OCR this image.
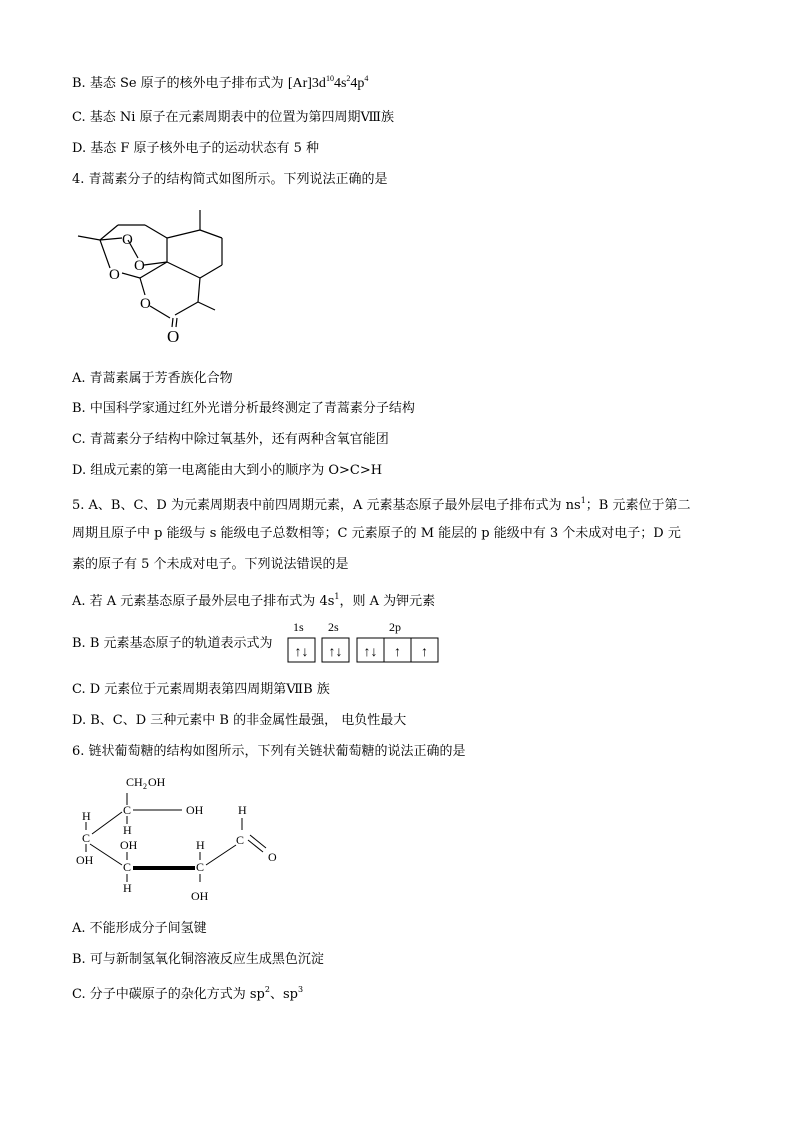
B. 基态 Se 原子的核外电子排布式为 $[Ar]3d^{10}4s^24p^4$
C. 基态 Ni 原子在元素周期表中的位置为第四周期Ⅷ族
D. 基态 F 原子核外电子的运动状态有 5 种
4. 青蒿素分子的结构简式如图所示。下列说法正确的是
O
O
O
O
O
A. 青蒿素属于芳香族化合物
B. 中国科学家通过红外光谱分析最终测定了青蒿素分子结构
C. 青蒿素分子结构中除过氧基外，还有两种含氧官能团
D. 组成元素的第一电离能由大到小的顺序为 O>C>H
5. A、B、C、D 为元素周期表中前四周期元素，A 元素基态原子最外层电子排布式为 $ns^1$；B 元素位于第二
周期且原子中 p 能级与 s 能级电子总数相等；C 元素原子的 M 能层的 p 能级中有 3 个未成对电子；D 元
素的原子有 5 个未成对电子。下列说法错误的是
A. 若 A 元素基态原子最外层电子排布式为 $4s^1$，则 A 为钾元素
B. B 元素基态原子的轨道表示式为
1s 2s	2p
↑↓ ↑↓ ↑↓ ↑ ↑
C. D 元素位于元素周期表第四周期第ⅦB 族
D. B、C、D 三种元素中 B 的非金属性最强， 电负性最大
6. 链状葡萄糖的结构如图所示，下列有关链状葡萄糖的说法正确的是
CH 2 OH
C	OH
H
H
C
OH
OH
C
H
H
C
OH
H
C
O
A. 不能形成分子间氢键
B. 可与新制氢氧化铜溶液反应生成黑色沉淀
C. 分子中碳原子的杂化方式为 $sp^2$、$sp^3$
